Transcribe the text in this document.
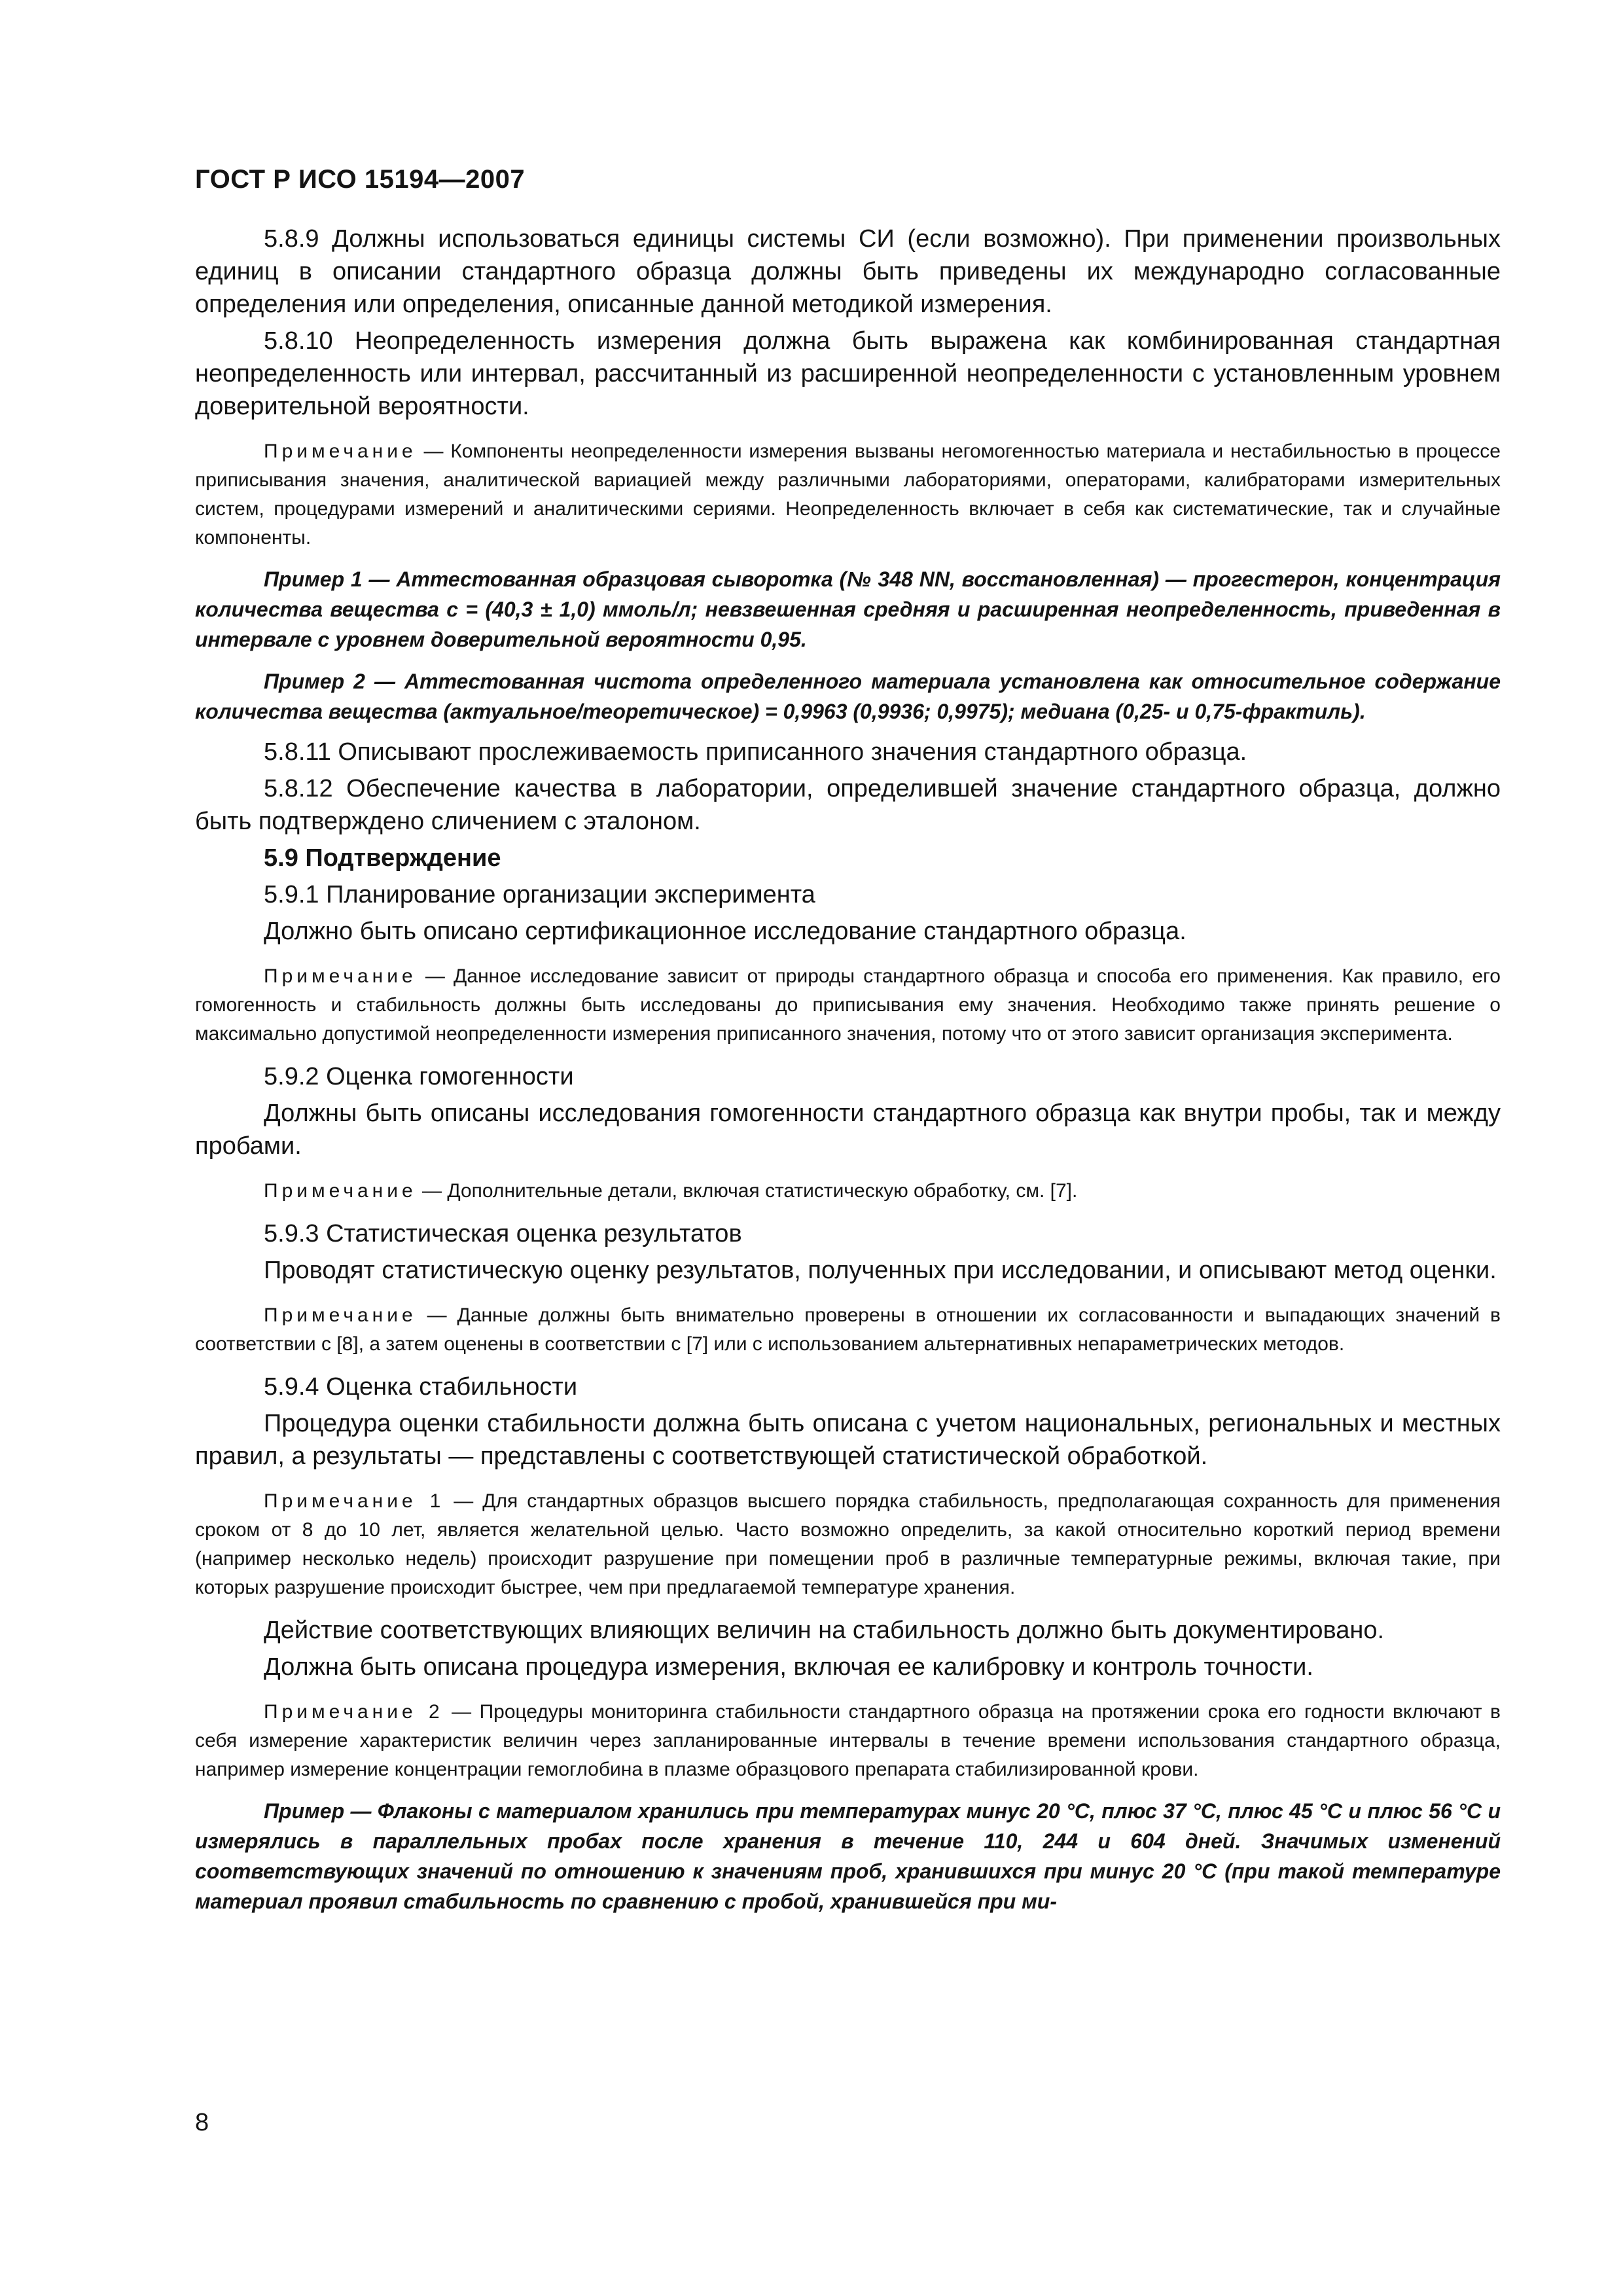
ГОСТ Р ИСО 15194—2007

5.8.9 Должны использоваться единицы системы СИ (если возможно). При применении произвольных единиц в описании стандартного образца должны быть приведены их международно согласованные определения или определения, описанные данной методикой измерения.

5.8.10 Неопределенность измерения должна быть выражена как комбинированная стандартная неопределенность или интервал, рассчитанный из расширенной неопределенности с установленным уровнем доверительной вероятности.

Примечание — Компоненты неопределенности измерения вызваны негомогенностью материала и нестабильностью в процессе приписывания значения, аналитической вариацией между различными лабораториями, операторами, калибраторами измерительных систем, процедурами измерений и аналитическими сериями. Неопределенность включает в себя как систематические, так и случайные компоненты.

Пример 1 — Аттестованная образцовая сыворотка (№ 348 NN, восстановленная) — прогестерон, концентрация количества вещества с = (40,3 ± 1,0) ммоль/л; невзвешенная средняя и расширенная неопределенность, приведенная в интервале с уровнем доверительной вероятности 0,95.

Пример 2 — Аттестованная чистота определенного материала установлена как относительное содержание количества вещества (актуальное/теоретическое) = 0,9963 (0,9936; 0,9975); медиана (0,25- и 0,75-фрактиль).

5.8.11 Описывают прослеживаемость приписанного значения стандартного образца.

5.8.12 Обеспечение качества в лаборатории, определившей значение стандартного образца, должно быть подтверждено сличением с эталоном.

5.9 Подтверждение

5.9.1 Планирование организации эксперимента

Должно быть описано сертификационное исследование стандартного образца.

Примечание — Данное исследование зависит от природы стандартного образца и способа его применения. Как правило, его гомогенность и стабильность должны быть исследованы до приписывания ему значения. Необходимо также принять решение о максимально допустимой неопределенности измерения приписанного значения, потому что от этого зависит организация эксперимента.

5.9.2 Оценка гомогенности

Должны быть описаны исследования гомогенности стандартного образца как внутри пробы, так и между пробами.

Примечание — Дополнительные детали, включая статистическую обработку, см. [7].

5.9.3 Статистическая оценка результатов

Проводят статистическую оценку результатов, полученных при исследовании, и описывают метод оценки.

Примечание — Данные должны быть внимательно проверены в отношении их согласованности и выпадающих значений в соответствии с [8], а затем оценены в соответствии с [7] или с использованием альтернативных непараметрических методов.

5.9.4 Оценка стабильности

Процедура оценки стабильности должна быть описана с учетом национальных, региональных и местных правил, а результаты — представлены с соответствующей статистической обработкой.

Примечание 1 — Для стандартных образцов высшего порядка стабильность, предполагающая сохранность для применения сроком от 8 до 10 лет, является желательной целью. Часто возможно определить, за какой относительно короткий период времени (например несколько недель) происходит разрушение при помещении проб в различные температурные режимы, включая такие, при которых разрушение происходит быстрее, чем при предлагаемой температуре хранения.

Действие соответствующих влияющих величин на стабильность должно быть документировано.

Должна быть описана процедура измерения, включая ее калибровку и контроль точности.

Примечание 2 — Процедуры мониторинга стабильности стандартного образца на протяжении срока его годности включают в себя измерение характеристик величин через запланированные интервалы в течение времени использования стандартного образца, например измерение концентрации гемоглобина в плазме образцового препарата стабилизированной крови.

Пример — Флаконы с материалом хранились при температурах минус 20 °С, плюс 37 °С, плюс 45 °С и плюс 56 °С и измерялись в параллельных пробах после хранения в течение 110, 244 и 604 дней. Значимых изменений соответствующих значений по отношению к значениям проб, хранившихся при минус 20 °С (при такой температуре материал проявил стабильность по сравнению с пробой, хранившейся при ми-

8
